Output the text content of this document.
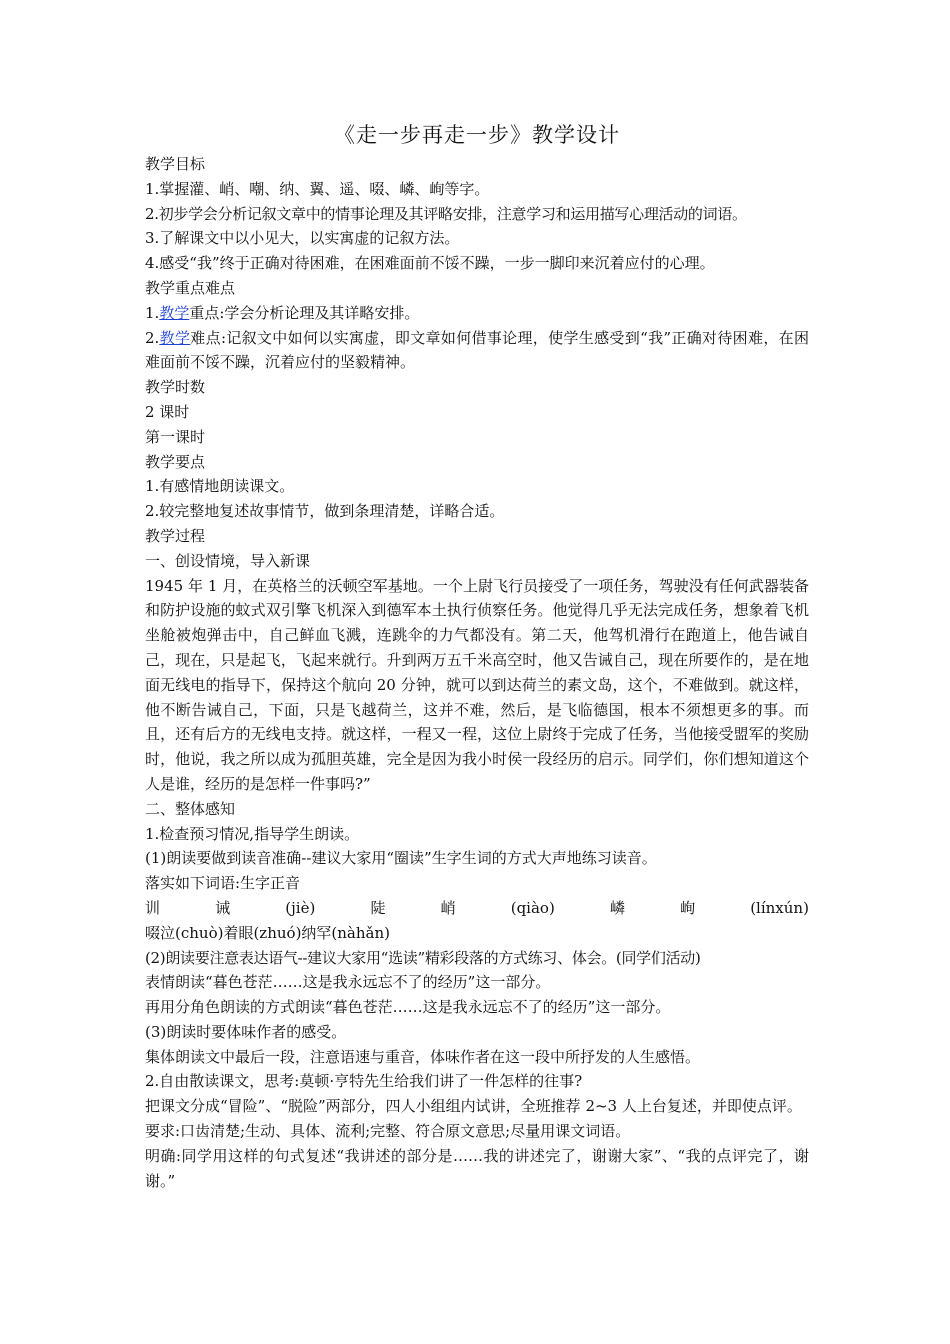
《走一步再走一步》教学设计

教学目标

1.掌握灌、峭、嘲、纳、翼、遥、啜、嶙、峋等字。

2.初步学会分析记叙文章中的情事论理及其评略安排，注意学习和运用描写心理活动的词语。

3.了解课文中以小见大，以实寓虚的记叙方法。

4.感受“我”终于正确对待困难，在困难面前不馁不躁，一步一脚印来沉着应付的心理。

教学重点难点

1.教学重点:学会分析论理及其详略安排。

2.教学难点:记叙文中如何以实寓虚，即文章如何借事论理，使学生感受到“我”正确对待困难，在困难面前不馁不躁，沉着应付的坚毅精神。

教学时数

2 课时

第一课时

教学要点

1.有感情地朗读课文。

2.较完整地复述故事情节，做到条理清楚，详略合适。

教学过程

一、创设情境，导入新课

1945 年 1 月，在英格兰的沃顿空军基地。一个上尉飞行员接受了一项任务，驾驶没有任何武器装备和防护设施的蚊式双引擎飞机深入到德军本土执行侦察任务。他觉得几乎无法完成任务，想象着飞机坐舱被炮弹击中，自己鲜血飞溅，连跳伞的力气都没有。第二天，他驾机滑行在跑道上，他告诫自己，现在，只是起飞，飞起来就行。升到两万五千米高空时，他又告诫自己，现在所要作的，是在地面无线电的指导下，保持这个航向 20 分钟，就可以到达荷兰的素文岛，这个，不难做到。就这样，他不断告诫自己，下面，只是飞越荷兰，这并不难，然后，是飞临德国，根本不须想更多的事。而且，还有后方的无线电支持。就这样，一程又一程，这位上尉终于完成了任务，当他接受盟军的奖励时，他说，我之所以成为孤胆英雄，完全是因为我小时侯一段经历的启示。同学们，你们想知道这个人是谁，经历的是怎样一件事吗?”

二、整体感知

1.检查预习情况,指导学生朗读。

(1)朗读要做到读音准确--建议大家用“圈读”生字生词的方式大声地练习读音。

落实如下词语:生字正音

训	诫	(jiè)	陡	峭	(qiào)	嶙	峋	(línxún)

啜泣(chuò)着眼(zhuó)纳罕(nàhǎn)

(2)朗读要注意表达语气--建议大家用“选读”精彩段落的方式练习、体会。(同学们活动)

表情朗读“暮色苍茫……这是我永远忘不了的经历”这一部分。

再用分角色朗读的方式朗读“暮色苍茫……这是我永远忘不了的经历”这一部分。

(3)朗读时要体味作者的感受。

集体朗读文中最后一段，注意语速与重音，体味作者在这一段中所抒发的人生感悟。

2.自由散读课文，思考:莫顿·亨特先生给我们讲了一件怎样的往事?

把课文分成“冒险”、“脱险”两部分，四人小组组内试讲，全班推荐 2~3 人上台复述，并即使点评。

要求:口齿清楚;生动、具体、流利;完整、符合原文意思;尽量用课文词语。

明确:同学用这样的句式复述“我讲述的部分是……我的讲述完了，谢谢大家”、“我的点评完了，谢谢。”
